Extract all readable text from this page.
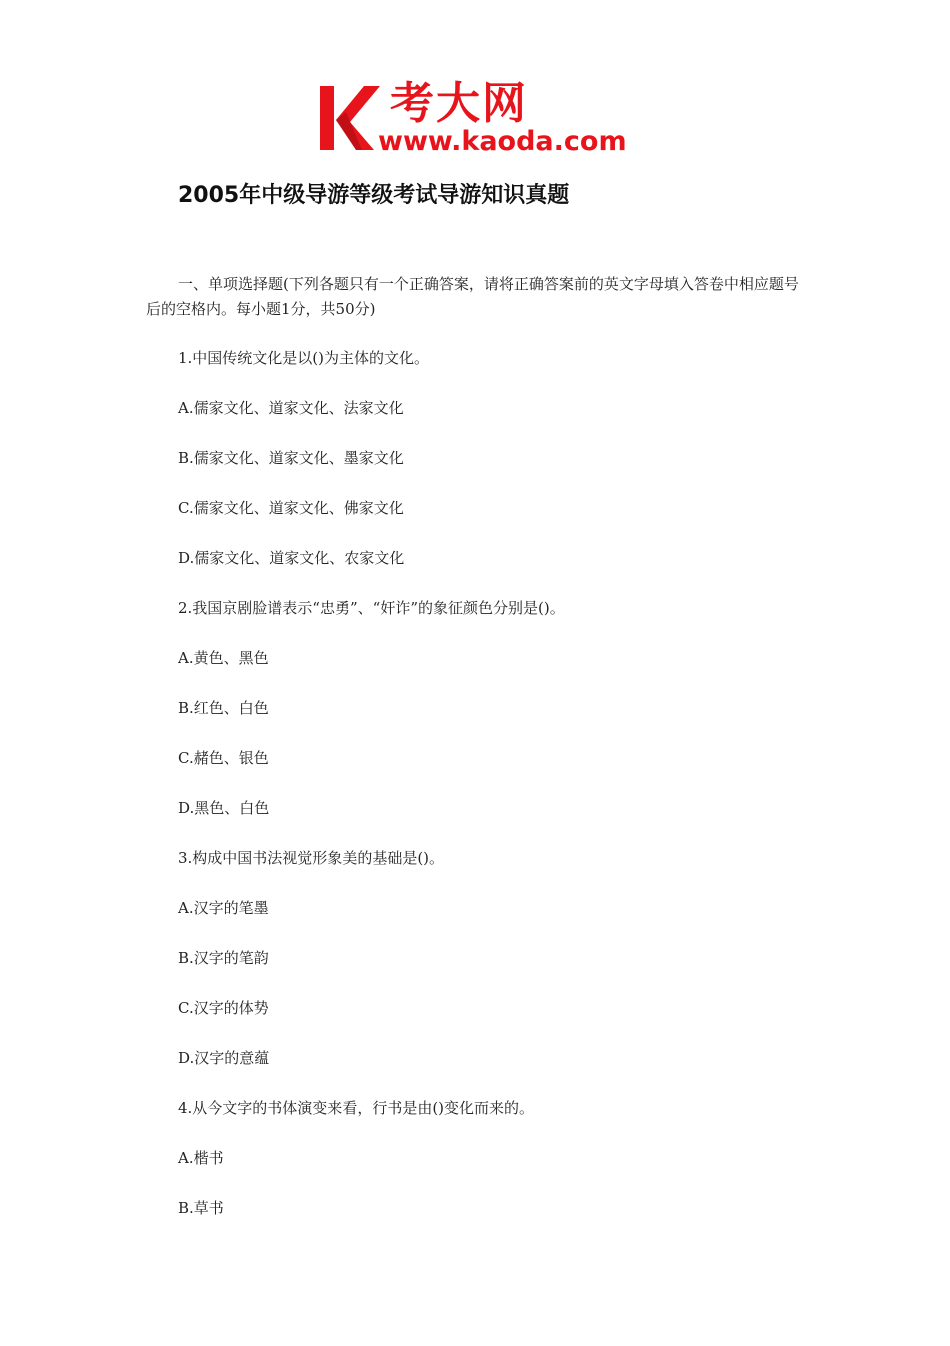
考大网
www.kaoda.com
2005年中级导游等级考试导游知识真题
一、单项选择题(下列各题只有一个正确答案，请将正确答案前的英文字母填入答卷中相应题号后的空格内。每小题1分，共50分)
1.中国传统文化是以()为主体的文化。
A.儒家文化、道家文化、法家文化
B.儒家文化、道家文化、墨家文化
C.儒家文化、道家文化、佛家文化
D.儒家文化、道家文化、农家文化
2.我国京剧脸谱表示“忠勇”、“奸诈”的象征颜色分别是()。
A.黄色、黑色
B.红色、白色
C.赭色、银色
D.黑色、白色
3.构成中国书法视觉形象美的基础是()。
A.汉字的笔墨
B.汉字的笔韵
C.汉字的体势
D.汉字的意蕴
4.从今文字的书体演变来看，行书是由()变化而来的。
A.楷书
B.草书
